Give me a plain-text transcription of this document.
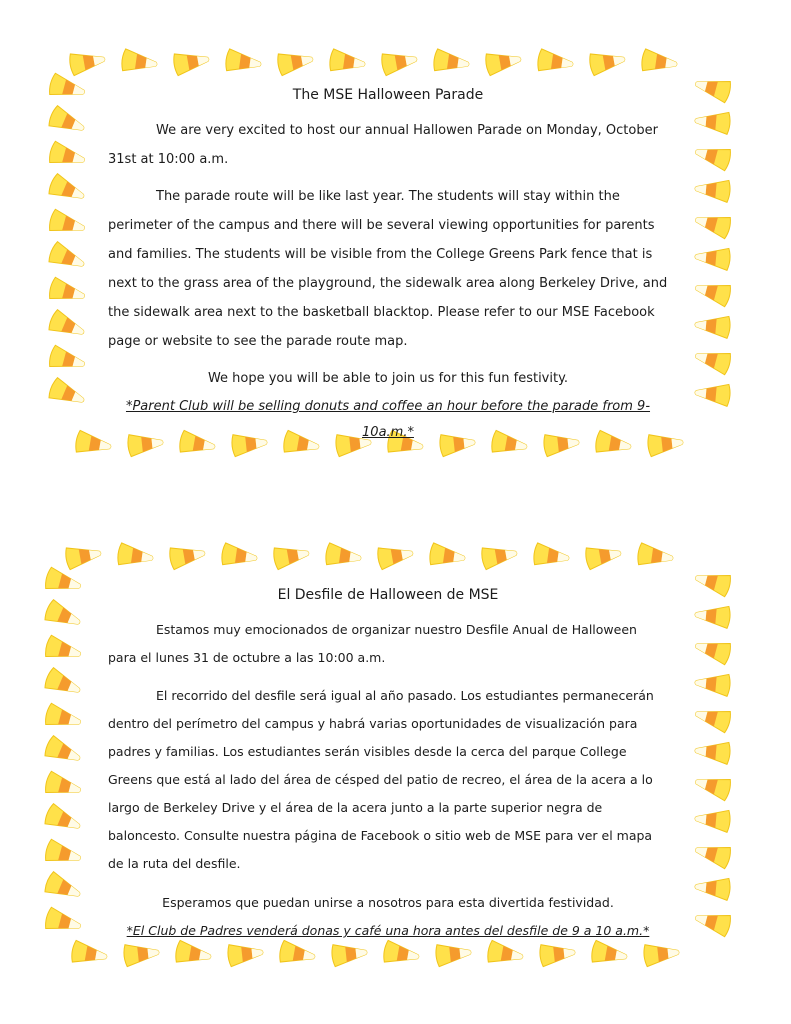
The MSE Halloween Parade

We are very excited to host our annual Hallowen Parade on Monday, October 31st at 10:00 a.m.

The parade route will be like last year. The students will stay within the perimeter of the campus and there will be several viewing opportunities for parents and families. The students will be visible from the College Greens Park fence that is next to the grass area of the playground, the sidewalk area along Berkeley Drive, and the sidewalk area next to the basketball blacktop. Please refer to our MSE Facebook page or website to see the parade route map.

We hope you will be able to join us for this fun festivity.

*Parent Club will be selling donuts and coffee an hour before the parade from 9-10a.m.*

El Desfile de Halloween de MSE

Estamos muy emocionados de organizar nuestro Desfile Anual de Halloween para el lunes 31 de octubre a las 10:00 a.m.

El recorrido del desfile será igual al año pasado. Los estudiantes permanecerán dentro del perímetro del campus y habrá varias oportunidades de visualización para padres y familias. Los estudiantes serán visibles desde la cerca del parque College Greens que está al lado del área de césped del patio de recreo, el área de la acera a lo largo de Berkeley Drive y el área de la acera junto a la parte superior negra de baloncesto. Consulte nuestra página de Facebook o sitio web de MSE para ver el mapa de la ruta del desfile.

Esperamos que puedan unirse a nosotros para esta divertida festividad.

*El Club de Padres venderá donas y café una hora antes del desfile de 9 a 10 a.m.*
